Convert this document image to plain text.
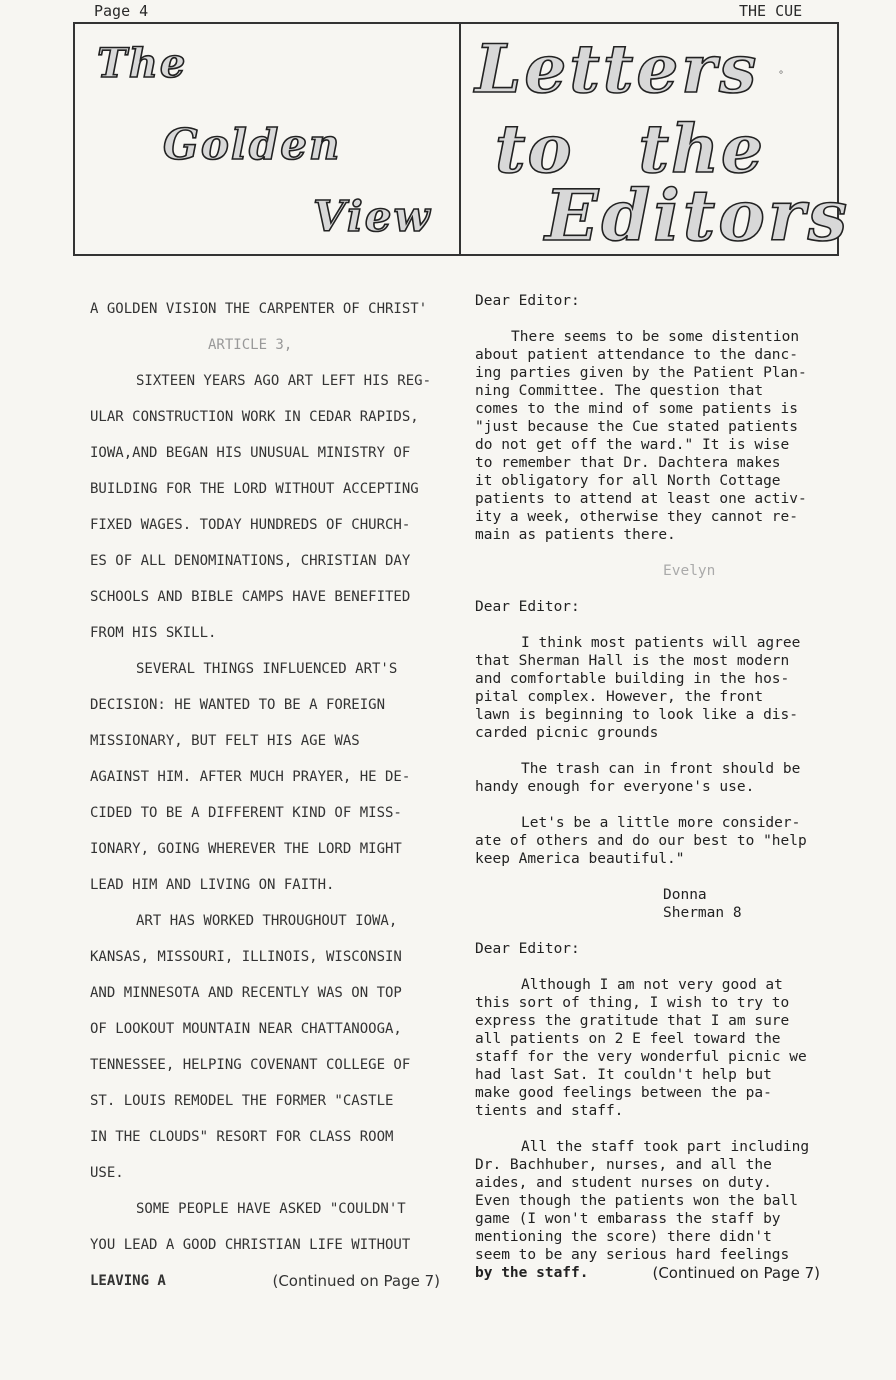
Page 4	THE CUE
The
Golden
View
Letters
to the
Editors
°
A GOLDEN VISION THE CARPENTER OF CHRIST'
ARTICLE 3,
SIXTEEN YEARS AGO ART LEFT HIS REG-
ULAR CONSTRUCTION WORK IN CEDAR RAPIDS,
IOWA,AND BEGAN HIS UNUSUAL MINISTRY OF
BUILDING FOR THE LORD WITHOUT ACCEPTING
FIXED WAGES. TODAY HUNDREDS OF CHURCH-
ES OF ALL DENOMINATIONS, CHRISTIAN DAY
SCHOOLS AND BIBLE CAMPS HAVE BENEFITED
FROM HIS SKILL.
SEVERAL THINGS INFLUENCED ART'S
DECISION: HE WANTED TO BE A FOREIGN
MISSIONARY, BUT FELT HIS AGE WAS
AGAINST HIM. AFTER MUCH PRAYER, HE DE-
CIDED TO BE A DIFFERENT KIND OF MISS-
IONARY, GOING WHEREVER THE LORD MIGHT
LEAD HIM AND LIVING ON FAITH.
ART HAS WORKED THROUGHOUT IOWA,
KANSAS, MISSOURI, ILLINOIS, WISCONSIN
AND MINNESOTA AND RECENTLY WAS ON TOP
OF LOOKOUT MOUNTAIN NEAR CHATTANOOGA,
TENNESSEE, HELPING COVENANT COLLEGE OF
ST. LOUIS REMODEL THE FORMER "CASTLE
IN THE CLOUDS" RESORT FOR CLASS ROOM
USE.
SOME PEOPLE HAVE ASKED "COULDN'T
YOU LEAD A GOOD CHRISTIAN LIFE WITHOUT
LEAVING A	(Continued on Page 7)
Dear Editor:
There seems to be some distention
about patient attendance to the danc-
ing parties given by the Patient Plan-
ning Committee. The question that
comes to the mind of some patients is
"just because the Cue stated patients
do not get off the ward." It is wise
to remember that Dr. Dachtera makes
it obligatory for all North Cottage
patients to attend at least one activ-
ity a week, otherwise they cannot re-
main as patients there.
Evelyn
Dear Editor:
I think most patients will agree
that Sherman Hall is the most modern
and comfortable building in the hos-
pital complex. However, the front
lawn is beginning to look like a dis-
carded picnic grounds
The trash can in front should be
handy enough for everyone's use.
Let's be a little more consider-
ate of others and do our best to "help
keep America beautiful."
Donna
Sherman 8
Dear Editor:
Although I am not very good at
this sort of thing, I wish to try to
express the gratitude that I am sure
all patients on 2 E feel toward the
staff for the very wonderful picnic we
had last Sat. It couldn't help but
make good feelings between the pa-
tients and staff.
All the staff took part including
Dr. Bachhuber, nurses, and all the
aides, and student nurses on duty.
Even though the patients won the ball
game (I won't embarass the staff by
mentioning the score) there didn't
seem to be any serious hard feelings
by the staff.	(Continued on Page 7)
